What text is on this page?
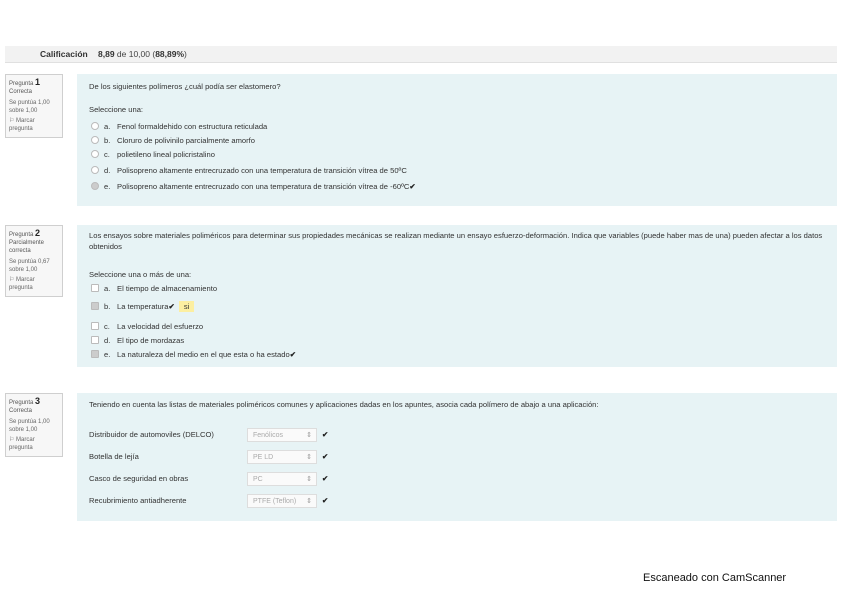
Calificación 8,89 de 10,00 (88,89%)
Pregunta 1
Correcta
Se puntúa 1,00 sobre 1,00
⚐ Marcar pregunta
De los siguientes polímeros ¿cuál podía ser elastomero?
Seleccione una:
a. Fenol formaldehido con estructura reticulada
b. Cloruro de polivinilo parcialmente amorfo
c. polietileno lineal policristalino
d. Polisopreno altamente entrecruzado con una temperatura de transición vítrea de 50ºC
e. Polisopreno altamente entrecruzado con una temperatura de transición vítrea de -60ºC✔
Pregunta 2
Parcialmente correcta
Se puntúa 0,67 sobre 1,00
⚐ Marcar pregunta
Los ensayos sobre materiales poliméricos para determinar sus propiedades mecánicas se realizan mediante un ensayo esfuerzo-deformación. Indica que variables (puede haber mas de una) pueden afectar a los datos obtenidos
Seleccione una o más de una:
a. El tiempo de almacenamiento
b. La temperatura✔ si
c. La velocidad del esfuerzo
d. El tipo de mordazas
e. La naturaleza del medio en el que esta o ha estado✔
Pregunta 3
Correcta
Se puntúa 1,00 sobre 1,00
⚐ Marcar pregunta
Teniendo en cuenta las listas de materiales poliméricos comunes y aplicaciones dadas en los apuntes, asocia cada polímero de abajo a una aplicación:
Distribuidor de automoviles (DELCO)	Fenólicos	⇕ ✔
Botella de lejía	PE LD	⇕ ✔
Casco de seguridad en obras	PC	⇕ ✔
Recubrimiento antiadherente	PTFE (Teflon) ⇕ ✔
Escaneado con CamScanner
